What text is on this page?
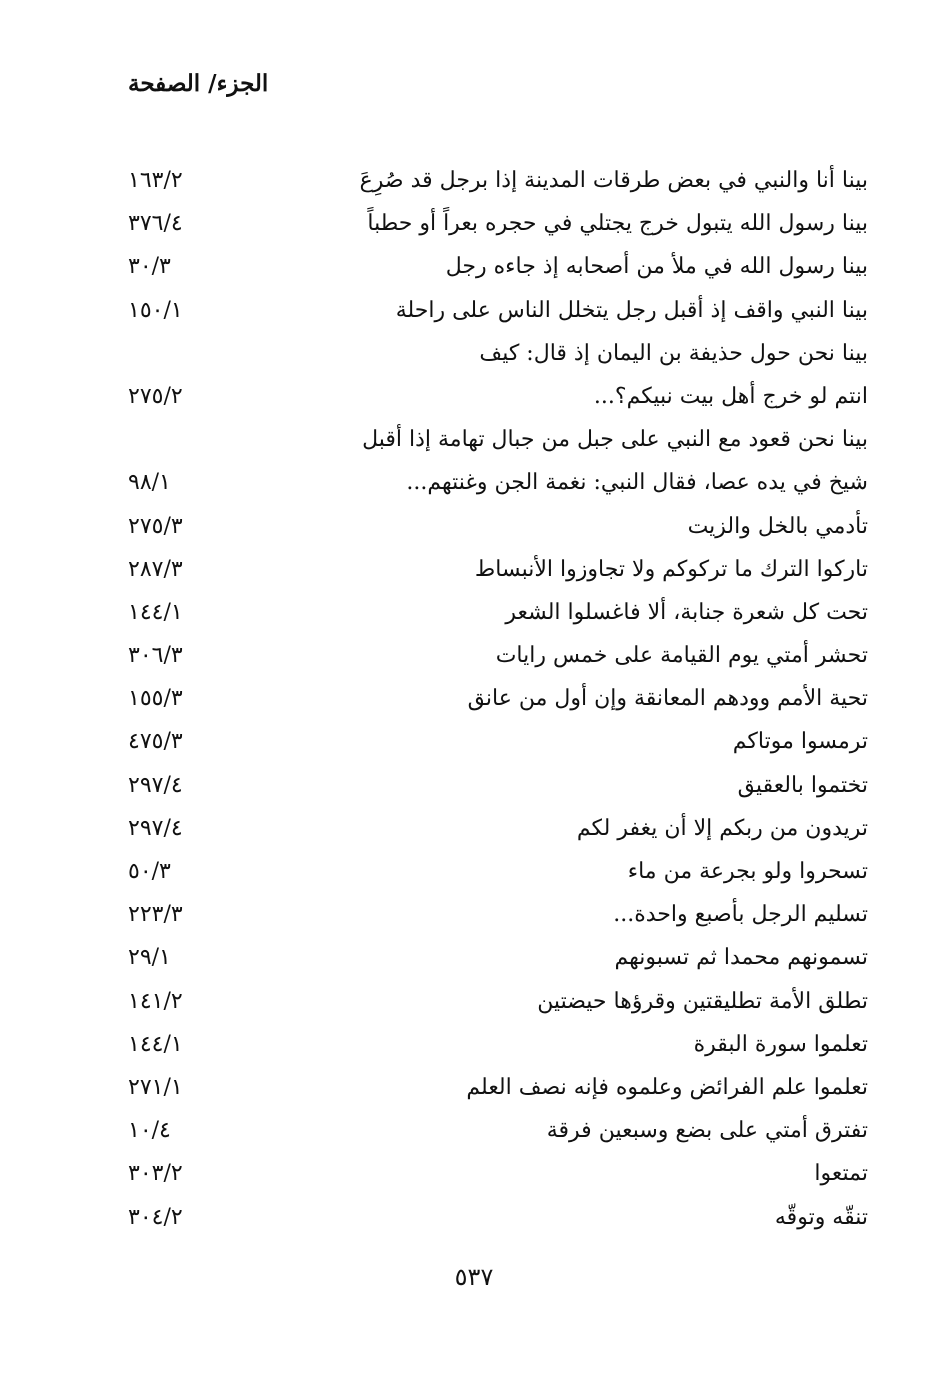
الجزء/ الصفحة
بينا أنا والنبي في بعض طرقات المدينة إذا برجل قد صُرِعَ
١٦٣/٢
بينا رسول الله يتبول خرج يجتلي في حجره بعراً أو حطباً
٣٧٦/٤
بينا رسول الله في ملأ من أصحابه إذ جاءه رجل
٣٠/٣
بينا النبي واقف إذ أقبل رجل يتخلل الناس على راحلة
١٥٠/١
بينا نحن حول حذيفة بن اليمان إذ قال: كيف
انتم لو خرج أهل بيت نبيكم؟...
٢٧٥/٢
بينا نحن قعود مع النبي على جبل من جبال تهامة إذا أقبل
شيخ في يده عصا، فقال النبي: نغمة الجن وغنتهم...
٩٨/١
تأدمي بالخل والزيت
٢٧٥/٣
تاركوا الترك ما تركوكم ولا تجاوزوا الأنبساط
٢٨٧/٣
تحت كل شعرة جنابة، ألا فاغسلوا الشعر
١٤٤/١
تحشر أمتي يوم القيامة على خمس رايات
٣٠٦/٣
تحية الأمم وودهم المعانقة وإن أول من عانق
١٥٥/٣
ترمسوا موتاكم
٤٧٥/٣
تختموا بالعقيق
٢٩٧/٤
تريدون من ربكم إلا أن يغفر لكم
٢٩٧/٤
تسحروا ولو بجرعة من ماء
٥٠/٣
تسليم الرجل بأصبع واحدة...
٢٢٣/٣
تسمونهم محمدا ثم تسبونهم
٢٩/١
تطلق الأمة تطليقتين وقرؤها حيضتين
١٤١/٢
تعلموا سورة البقرة
١٤٤/١
تعلموا علم الفرائض وعلموه فإنه نصف العلم
٢٧١/١
تفترق أمتي على بضع وسبعين فرقة
١٠/٤
تمتعوا
٣٠٣/٢
تنقّه وتوقّه
٣٠٤/٢
٥٣٧
